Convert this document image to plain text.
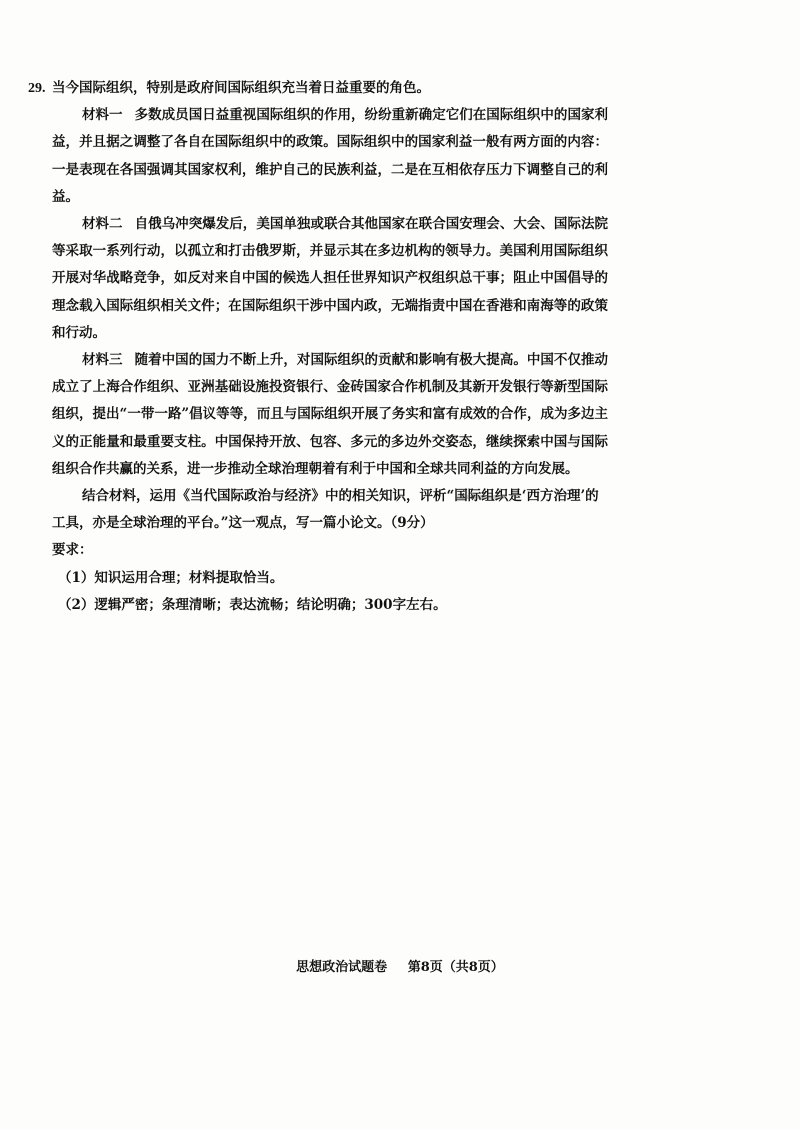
29. 当今国际组织，特别是政府间国际组织充当着日益重要的角色。

材料一 多数成员国日益重视国际组织的作用，纷纷重新确定它们在国际组织中的国家利益，并且据之调整了各自在国际组织中的政策。国际组织中的国家利益一般有两方面的内容：一是表现在各国强调其国家权利，维护自己的民族利益，二是在互相依存压力下调整自己的利益。

材料二 自俄乌冲突爆发后，美国单独或联合其他国家在联合国安理会、大会、国际法院等采取一系列行动，以孤立和打击俄罗斯，并显示其在多边机构的领导力。美国利用国际组织开展对华战略竞争，如反对来自中国的候选人担任世界知识产权组织总干事；阻止中国倡导的理念载入国际组织相关文件；在国际组织干涉中国内政，无端指责中国在香港和南海等的政策和行动。

材料三 随着中国的国力不断上升，对国际组织的贡献和影响有极大提高。中国不仅推动成立了上海合作组织、亚洲基础设施投资银行、金砖国家合作机制及其新开发银行等新型国际组织，提出“一带一路”倡议等等，而且与国际组织开展了务实和富有成效的合作，成为多边主义的正能量和最重要支柱。中国保持开放、包容、多元的多边外交姿态，继续探索中国与国际组织合作共赢的关系，进一步推动全球治理朝着有利于中国和全球共同利益的方向发展。

结合材料，运用《当代国际政治与经济》中的相关知识，评析“国际组织是‘西方治理’的工具，亦是全球治理的平台。”这一观点，写一篇小论文。（9分）

要求：

（1）知识运用合理；材料提取恰当。

（2）逻辑严密；条理清晰；表达流畅；结论明确；300字左右。

思想政治试题卷 第8页（共8页）
